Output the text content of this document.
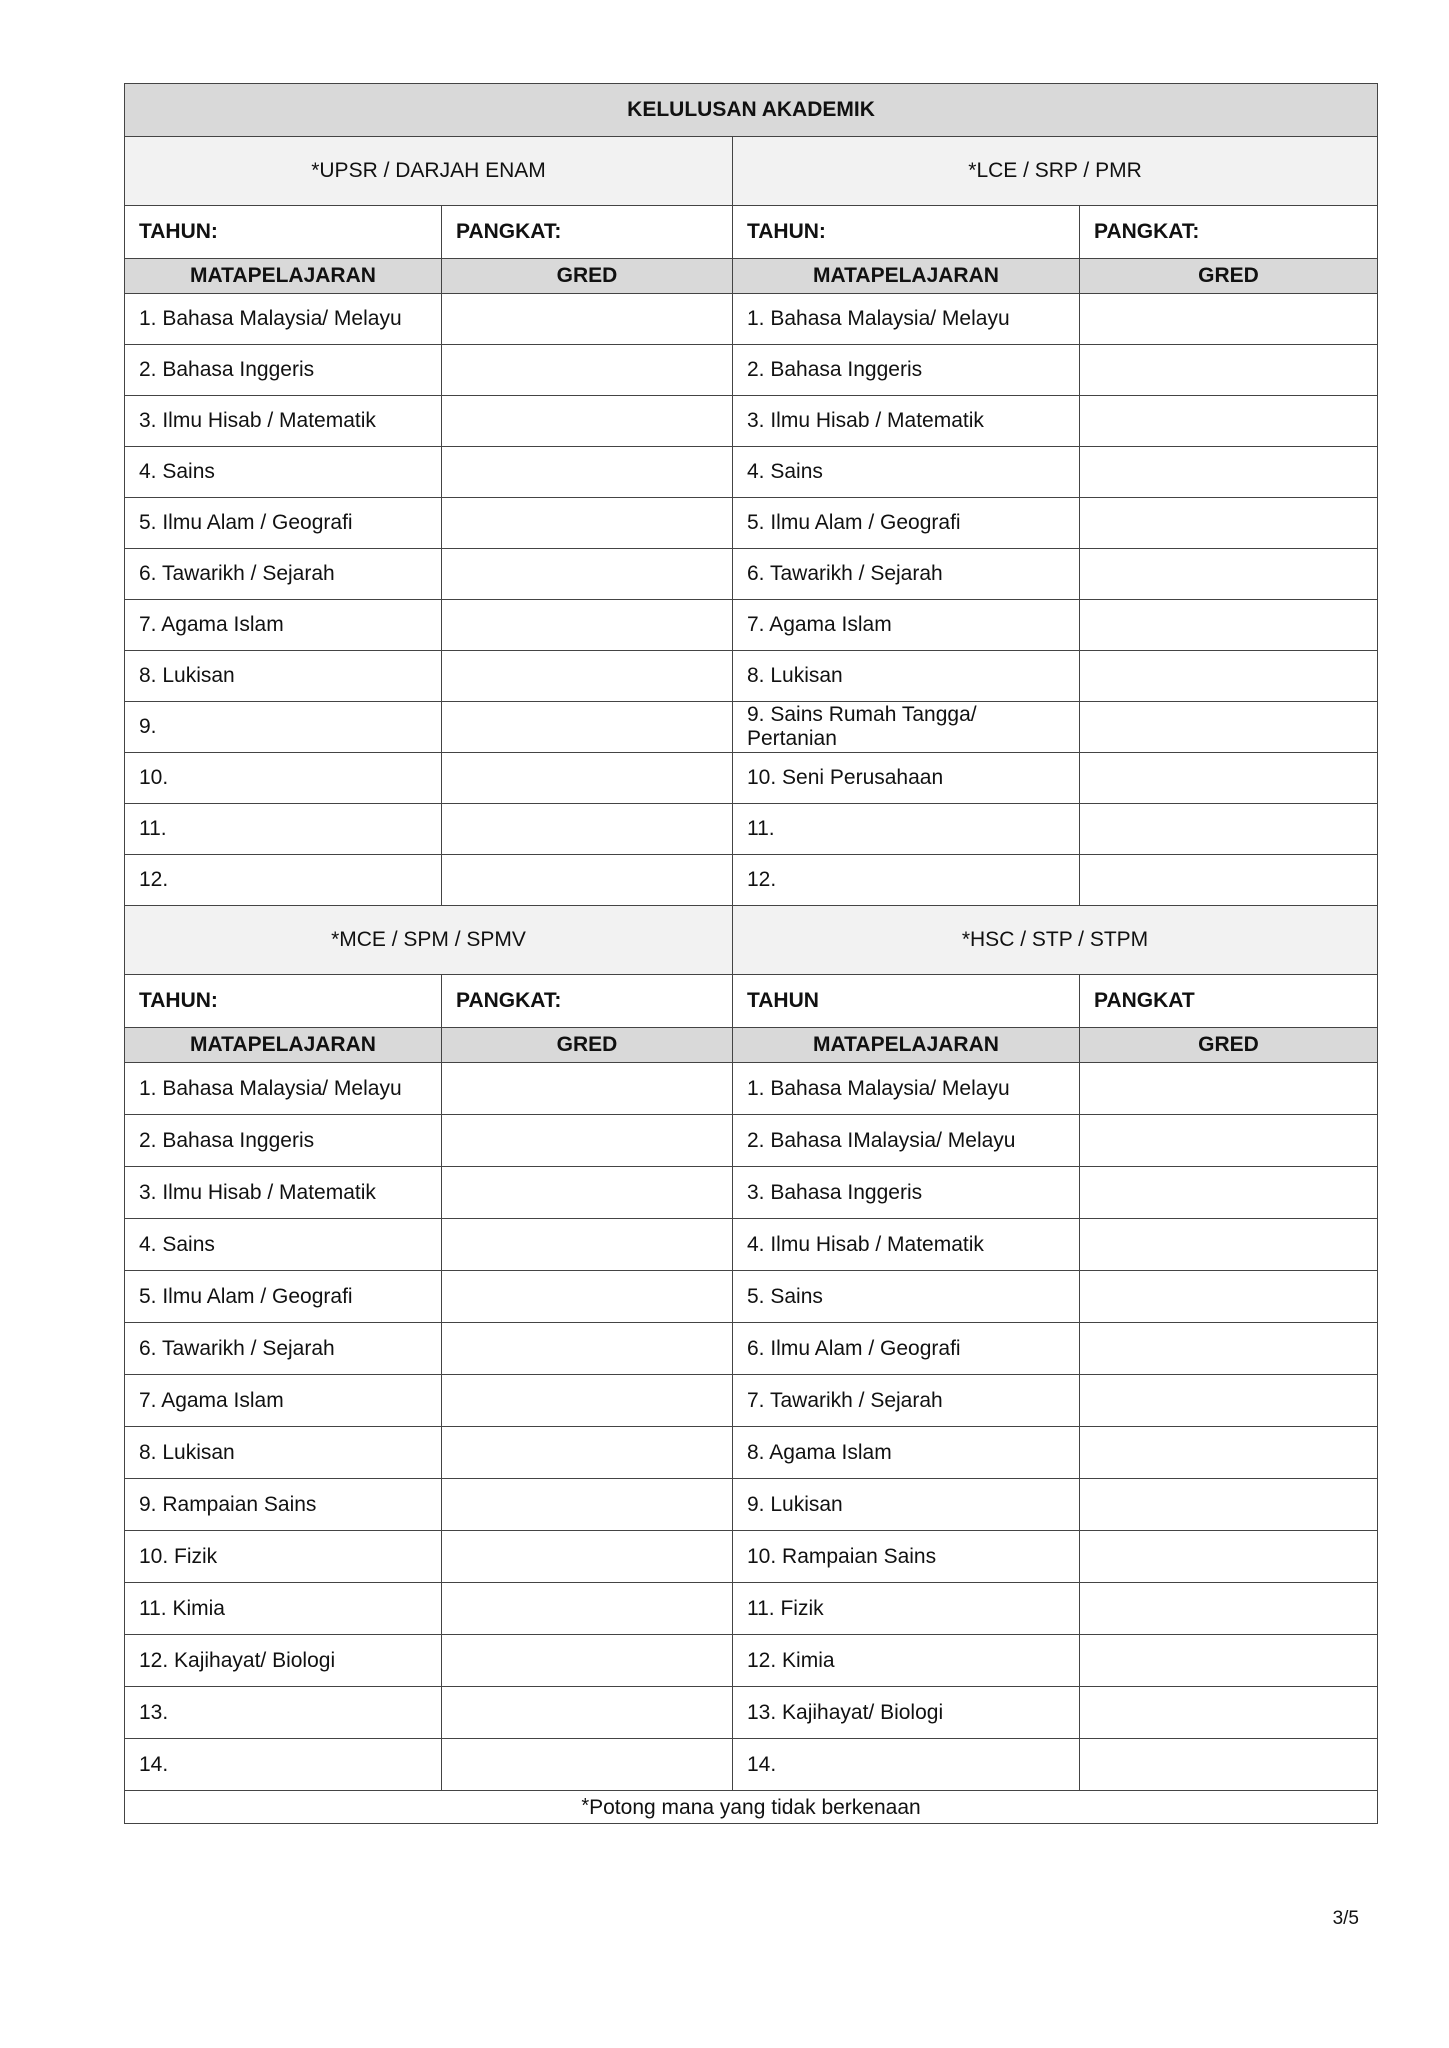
KELULUSAN AKADEMIK			
*UPSR / DARJAH ENAM		*LCE / SRP / PMR	
TAHUN:	PANGKAT:	TAHUN:	PANGKAT:
MATAPELAJARAN	GRED	MATAPELAJARAN	GRED
1. Bahasa Malaysia/ Melayu		1. Bahasa Malaysia/ Melayu	
2. Bahasa Inggeris		2. Bahasa Inggeris	
3. Ilmu Hisab / Matematik		3. Ilmu Hisab / Matematik	
4. Sains		4. Sains	
5. Ilmu Alam / Geografi		5. Ilmu Alam / Geografi	
6. Tawarikh / Sejarah		6. Tawarikh / Sejarah	
7. Agama Islam		7. Agama Islam	
8. Lukisan		8. Lukisan	
9.		9. Sains Rumah Tangga/ Pertanian	
10.		10. Seni Perusahaan	
11.		11.	
12.		12.	
*MCE / SPM / SPMV		*HSC / STP / STPM	
TAHUN:	PANGKAT:	TAHUN	PANGKAT
MATAPELAJARAN	GRED	MATAPELAJARAN	GRED
1. Bahasa Malaysia/ Melayu		1. Bahasa Malaysia/ Melayu	
2. Bahasa Inggeris		2. Bahasa IMalaysia/ Melayu	
3. Ilmu Hisab / Matematik		3. Bahasa Inggeris	
4. Sains		4. Ilmu Hisab / Matematik	
5. Ilmu Alam / Geografi		5. Sains	
6. Tawarikh / Sejarah		6. Ilmu Alam / Geografi	
7. Agama Islam		7. Tawarikh / Sejarah	
8. Lukisan		8. Agama Islam	
9. Rampaian Sains		9. Lukisan	
10. Fizik		10. Rampaian Sains	
11. Kimia		11. Fizik	
12. Kajihayat/ Biologi		12. Kimia	
13.		13. Kajihayat/ Biologi	
14.		14.	
*Potong mana yang tidak berkenaan			
3/5
